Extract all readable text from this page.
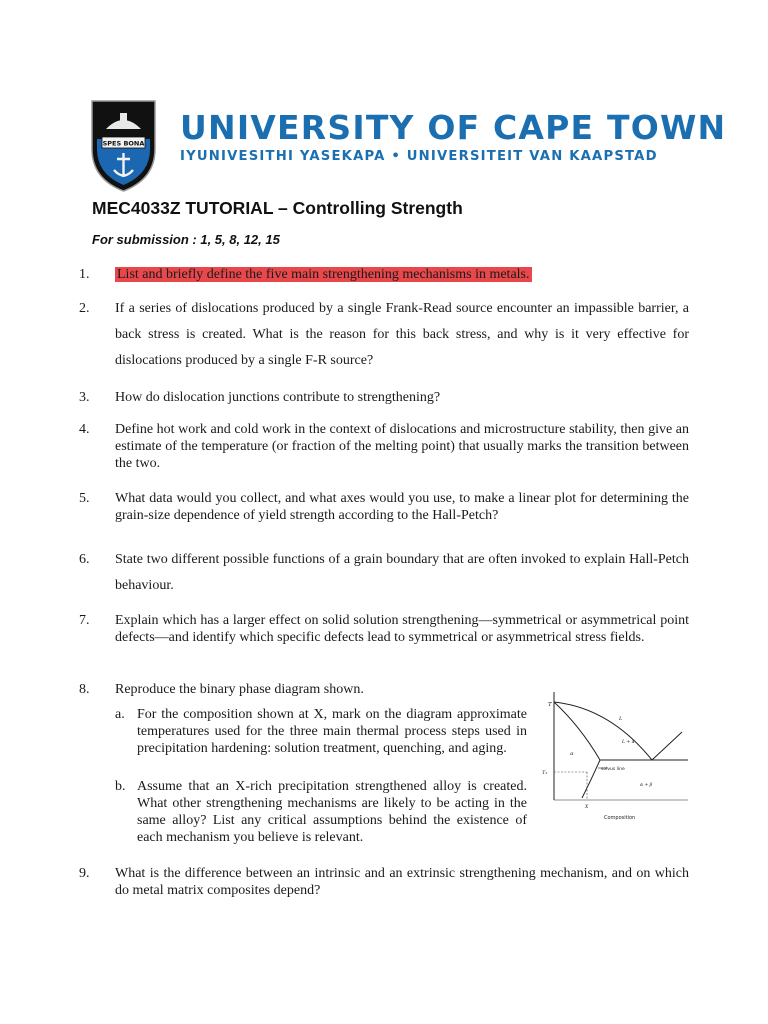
SPES BONA UNIVERSITY OF CAPE TOWN
IYUNIVESITHI YASEKAPA • UNIVERSITEIT VAN KAAPSTAD
MEC4033Z TUTORIAL – Controlling Strength
For submission : 1, 5, 8, 12, 15
1. List and briefly define the five main strengthening mechanisms in metals.
2. If a series of dislocations produced by a single Frank-Read source encounter an impassible barrier, a back stress is created. What is the reason for this back stress, and why is it very effective for dislocations produced by a single F-R source?
3. How do dislocation junctions contribute to strengthening?
4. Define hot work and cold work in the context of dislocations and microstructure stability, then give an estimate of the temperature (or fraction of the melting point) that usually marks the transition between the two.
5. What data would you collect, and what axes would you use, to make a linear plot for determining the grain-size dependence of yield strength according to the Hall-Petch?
6. State two different possible functions of a grain boundary that are often invoked to explain Hall-Petch behaviour.
7. Explain which has a larger effect on solid solution strengthening—symmetrical or asymmetrical point defects—and identify which specific defects lead to symmetrical or asymmetrical stress fields.
8. Reproduce the binary phase diagram shown.
a. For the composition shown at X, mark on the diagram approximate temperatures used for the three main thermal process steps used in precipitation hardening: solution treatment, quenching, and aging.
b. Assume that an X-rich precipitation strengthened alloy is created. What other strengthening mechanisms are likely to be acting in the same alloy? List any critical assumptions behind the existence of each mechanism you believe is relevant.
T
T₂
L
L + α
α
solvus line
α + β
X
Composition
9. What is the difference between an intrinsic and an extrinsic strengthening mechanism, and on which do metal matrix composites depend?
